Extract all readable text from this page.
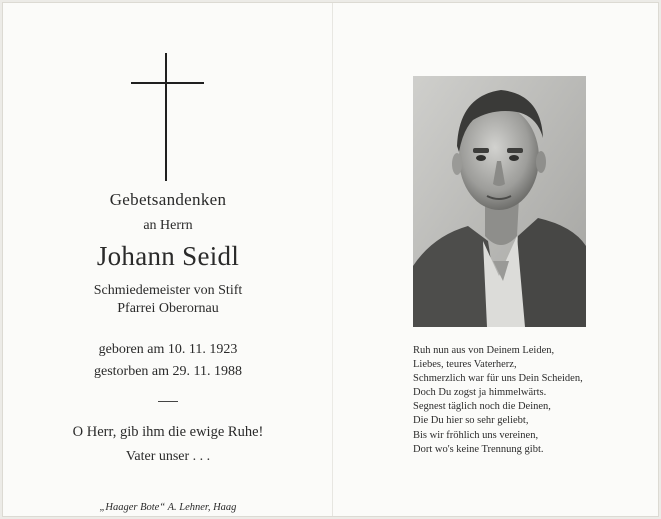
Gebetsandenken
an Herrn
Johann Seidl
Schmiedemeister von Stift
Pfarrei Oberornau
geboren am 10. 11. 1923
gestorben am 29. 11. 1988
O Herr, gib ihm die ewige Ruhe!
Vater unser . . .
„Haager Bote“ A. Lehner, Haag
Ruh nun aus von Deinem Leiden,
Liebes, teures Vaterherz,
Schmerzlich war für uns Dein Scheiden,
Doch Du zogst ja himmelwärts.
Segnest täglich noch die Deinen,
Die Du hier so sehr geliebt,
Bis wir fröhlich uns vereinen,
Dort wo's keine Trennung gibt.
